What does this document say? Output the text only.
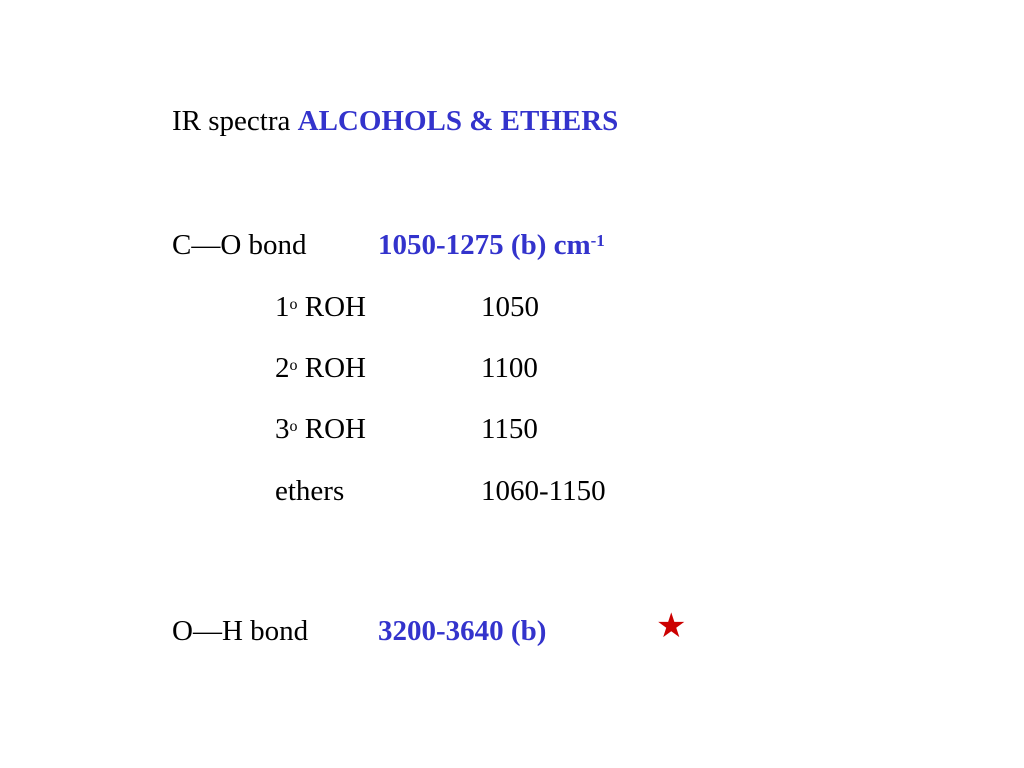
IR spectra ALCOHOLS & ETHERS
C—O bond 1050-1275 (b) $cm^{-1}$
1$^o$ ROH	1050
2$^o$ ROH	1100
3$^o$ ROH	1150
ethers	1060-1150
O—H bond 3200-3640 (b)	★
